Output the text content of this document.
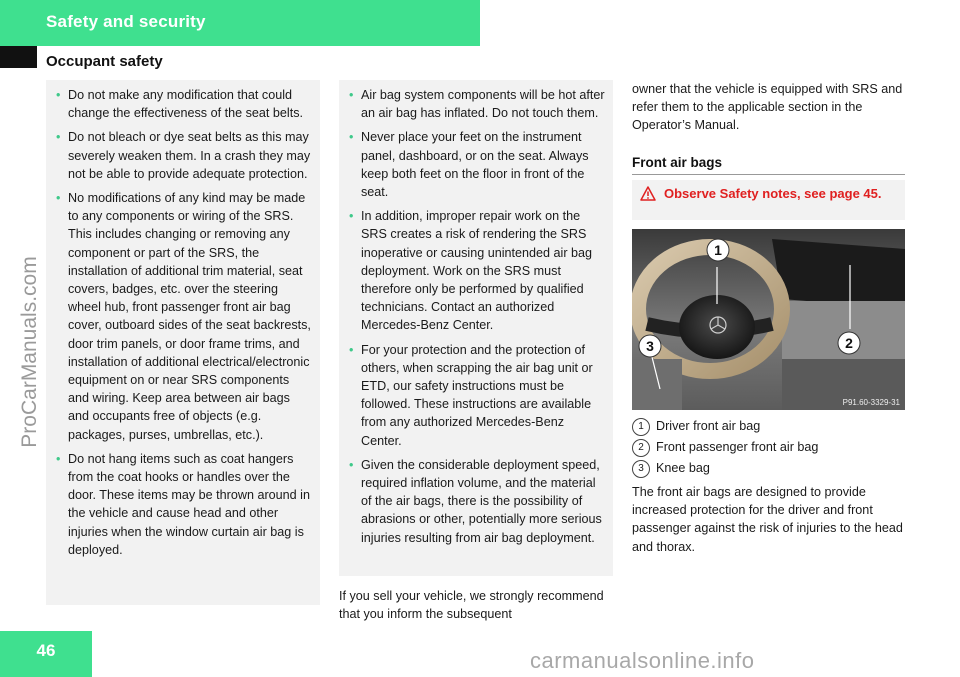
Safety and security
Occupant safety
ProCarManuals.com
• Do not make any modification that could change the effectiveness of the seat belts.
• Do not bleach or dye seat belts as this may severely weaken them. In a crash they may not be able to provide adequate protection.
• No modifications of any kind may be made to any components or wiring of the SRS. This includes changing or removing any component or part of the SRS, the installation of additional trim material, seat covers, badges, etc. over the steering wheel hub, front passenger front air bag cover, outboard sides of the seat backrests, door trim panels, or door frame trims, and installation of additional electrical/electronic equipment on or near SRS components and wiring. Keep area between air bags and occupants free of objects (e.g. packages, purses, umbrellas, etc.).
• Do not hang items such as coat hangers from the coat hooks or handles over the door. These items may be thrown around in the vehicle and cause head and other injuries when the window curtain air bag is deployed.
• Air bag system components will be hot after an air bag has inflated. Do not touch them.
• Never place your feet on the instrument panel, dashboard, or on the seat. Always keep both feet on the floor in front of the seat.
• In addition, improper repair work on the SRS creates a risk of rendering the SRS inoperative or causing unintended air bag deployment. Work on the SRS must therefore only be performed by qualified technicians. Contact an authorized Mercedes-Benz Center.
• For your protection and the protection of others, when scrapping the air bag unit or ETD, our safety instructions must be followed. These instructions are available from any authorized Mercedes-Benz Center.
• Given the considerable deployment speed, required inflation volume, and the material of the air bags, there is the possibility of abrasions or other, potentially more serious injuries resulting from air bag deployment.
If you sell your vehicle, we strongly recommend that you inform the subsequent
owner that the vehicle is equipped with SRS and refer them to the applicable section in the Operator’s Manual.
Front air bags
Observe Safety notes, see page 45.
1
2
3
P91.60-3329-31
1 Driver front air bag
2 Front passenger front air bag
3 Knee bag
The front air bags are designed to provide increased protection for the driver and front passenger against the risk of injuries to the head and thorax.
46	carmanualsonline.info
